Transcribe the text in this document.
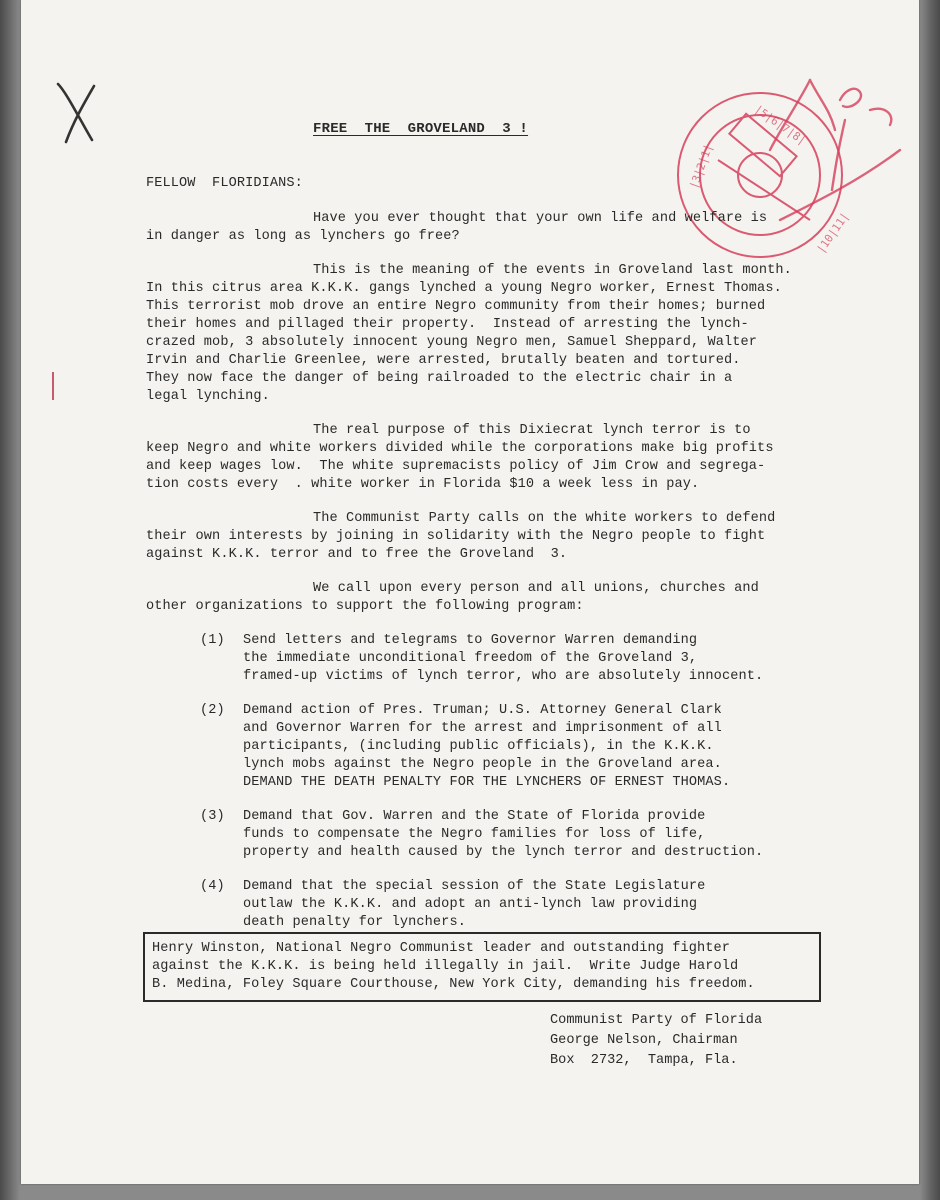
|5|6|7|8|
|3|2|1|
|10|11|
FREE  THE  GROVELAND  3 !
FELLOW  FLORIDIANS:
Have you ever thought that your own life and welfare is
in danger as long as lynchers go free?
This is the meaning of the events in Groveland last month.
In this citrus area K.K.K. gangs lynched a young Negro worker, Ernest Thomas.
This terrorist mob drove an entire Negro community from their homes; burned
their homes and pillaged their property.  Instead of arresting the lynch-
crazed mob, 3 absolutely innocent young Negro men, Samuel Sheppard, Walter
Irvin and Charlie Greenlee, were arrested, brutally beaten and tortured.
They now face the danger of being railroaded to the electric chair in a
legal lynching.
The real purpose of this Dixiecrat lynch terror is to
keep Negro and white workers divided while the corporations make big profits
and keep wages low.  The white supremacists policy of Jim Crow and segrega-
tion costs every  . white worker in Florida $10 a week less in pay.
The Communist Party calls on the white workers to defend
their own interests by joining in solidarity with the Negro people to fight
against K.K.K. terror and to free the Groveland  3.
We call upon every person and all unions, churches and
other organizations to support the following program:
(1) Send letters and telegrams to Governor Warren demanding
the immediate unconditional freedom of the Groveland 3,
framed-up victims of lynch terror, who are absolutely innocent.
(2) Demand action of Pres. Truman; U.S. Attorney General Clark
and Governor Warren for the arrest and imprisonment of all
participants, (including public officials), in the K.K.K.
lynch mobs against the Negro people in the Groveland area.
DEMAND THE DEATH PENALTY FOR THE LYNCHERS OF ERNEST THOMAS.
(3) Demand that Gov. Warren and the State of Florida provide
funds to compensate the Negro families for loss of life,
property and health caused by the lynch terror and destruction.
(4) Demand that the special session of the State Legislature
outlaw the K.K.K. and adopt an anti-lynch law providing
death penalty for lynchers.
Henry Winston, National Negro Communist leader and outstanding fighter
against the K.K.K. is being held illegally in jail.  Write Judge Harold
B. Medina, Foley Square Courthouse, New York City, demanding his freedom.
Communist Party of Florida
George Nelson, Chairman
Box  2732,  Tampa, Fla.
